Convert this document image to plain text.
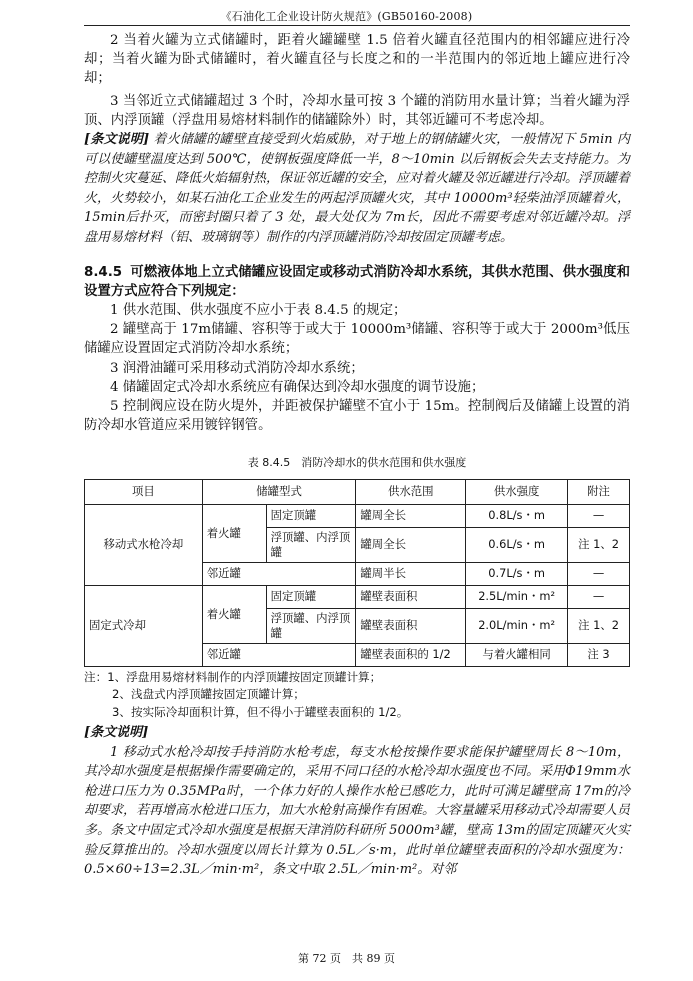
《石油化工企业设计防火规范》(GB50160-2008)

2 当着火罐为立式储罐时，距着火罐罐壁 1.5 倍着火罐直径范围内的相邻罐应进行冷却；当着火罐为卧式储罐时，着火罐直径与长度之和的一半范围内的邻近地上罐应进行冷却；

3 当邻近立式储罐超过 3 个时，冷却水量可按 3 个罐的消防用水量计算；当着火罐为浮顶、内浮顶罐（浮盘用易熔材料制作的储罐除外）时，其邻近罐可不考虑冷却。

[条文说明] 着火储罐的罐壁直接受到火焰威胁，对于地上的钢储罐火灾，一般情况下 5min 内可以使罐壁温度达到 500℃，使钢板强度降低一半，8～10min 以后钢板会失去支持能力。为控制火灾蔓延、降低火焰辐射热，保证邻近罐的安全，应对着火罐及邻近罐进行冷却。浮顶罐着火，火势较小，如某石油化工企业发生的两起浮顶罐火灾，其中 10000m³轻柴油浮顶罐着火，15min后扑灭，而密封圈只着了 3 处，最大处仅为 7m长，因此不需要考虑对邻近罐冷却。浮盘用易熔材料（铝、玻璃钢等）制作的内浮顶罐消防冷却按固定顶罐考虑。

8.4.5 可燃液体地上立式储罐应设固定或移动式消防冷却水系统，其供水范围、供水强度和设置方式应符合下列规定：

1 供水范围、供水强度不应小于表 8.4.5 的规定；

2 罐壁高于 17m储罐、容积等于或大于 10000m³储罐、容积等于或大于 2000m³低压储罐应设置固定式消防冷却水系统；

3 润滑油罐可采用移动式消防冷却水系统；

4 储罐固定式冷却水系统应有确保达到冷却水强度的调节设施；

5 控制阀应设在防火堤外，并距被保护罐壁不宜小于 15m。控制阀后及储罐上设置的消防冷却水管道应采用镀锌钢管。

表 8.4.5　消防冷却水的供水范围和供水强度
项目	储罐型式		供水范围	供水强度	附注
移动式水枪冷却	着火罐	固定顶罐	罐周全长	0.8L/s・m	—
		浮顶罐、内浮顶罐	罐周全长	0.6L/s・m	注 1、2
	邻近罐		罐周半长	0.7L/s・m	—
固定式冷却	着火罐	固定顶罐	罐壁表面积	2.5L/min・m²	—
		浮顶罐、内浮顶罐	罐壁表面积	2.0L/min・m²	注 1、2
	邻近罐		罐壁表面积的 1/2	与着火罐相同	注 3

注：1、浮盘用易熔材料制作的内浮顶罐按固定顶罐计算；

2、浅盘式内浮顶罐按固定顶罐计算；

3、按实际冷却面积计算，但不得小于罐壁表面积的 1/2。

[条文说明]

1 移动式水枪冷却按手持消防水枪考虑，每支水枪按操作要求能保护罐壁周长 8～10m，其冷却水强度是根据操作需要确定的，采用不同口径的水枪冷却水强度也不同。采用Φ19mm水枪进口压力为 0.35MPa时，一个体力好的人操作水枪已感吃力，此时可满足罐壁高 17m的冷却要求，若再增高水枪进口压力，加大水枪射高操作有困难。大容量罐采用移动式冷却需要人员多。条文中固定式冷却水强度是根据天津消防科研所 5000m³罐，壁高 13m的固定顶罐灭火实验反算推出的。冷却水强度以周长计算为 0.5L／s·m，此时单位罐壁表面积的冷却水强度为：0.5×60÷13=2.3L／min·m²，条文中取 2.5L／min·m²。对邻

第 72 页　共 89 页
